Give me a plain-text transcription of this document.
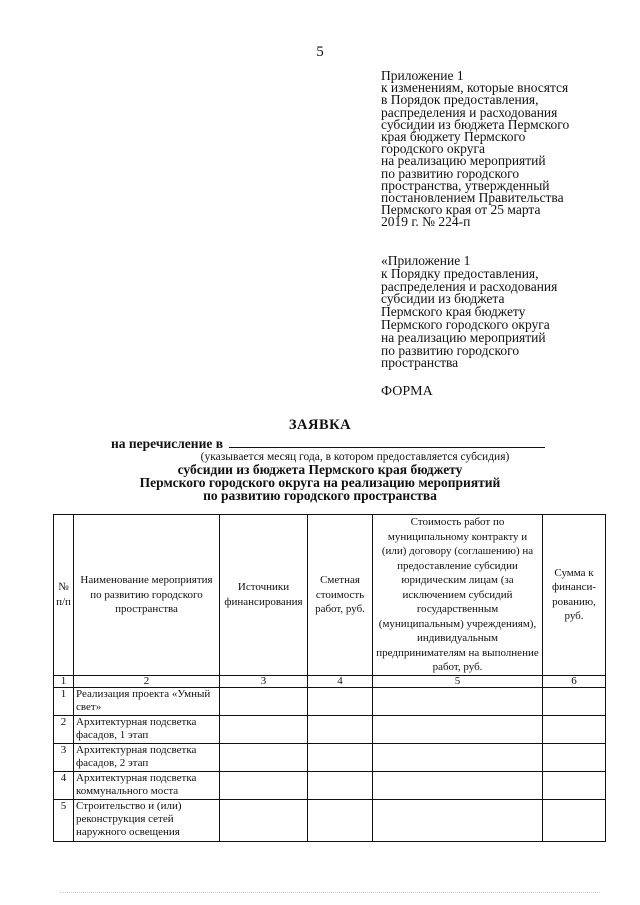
5
Приложение 1
к изменениям, которые вносятся
в Порядок предоставления,
распределения и расходования
субсидии из бюджета Пермского
края бюджету Пермского
городского округа
на реализацию мероприятий
по развитию городского
пространства, утвержденный
постановлением Правительства
Пермского края от 25 марта
2019 г. № 224-п
«Приложение 1
к Порядку предоставления,
распределения и расходования
субсидии из бюджета
Пермского края бюджету
Пермского городского округа
на реализацию мероприятий
по развитию городского
пространства
ФОРМА
ЗАЯВКА
на перечисление в
(указывается месяц года, в котором предоставляется субсидия)
субсидии из бюджета Пермского края бюджету
Пермского городского округа на реализацию мероприятий
по развитию городского пространства
№ п/п	Наименование мероприятия по развитию городского пространства	Источники финансирования	Сметная стоимость работ, руб.	Стоимость работ по муниципальному контракту и (или) договору (соглашению) на предоставление субсидии юридическим лицам (за исключением субсидий государственным (муниципальным) учреждениям), индивидуальным предпринимателям на выполнение работ, руб.	Сумма к финанси-рованию, руб.
1	2	3	4	5	6
1	Реализация проекта «Умный свет»				
2	Архитектурная подсветка фасадов, 1 этап				
3	Архитектурная подсветка фасадов, 2 этап				
4	Архитектурная подсветка коммунального моста				
5	Строительство и (или) реконструкция сетей наружного освещения				
